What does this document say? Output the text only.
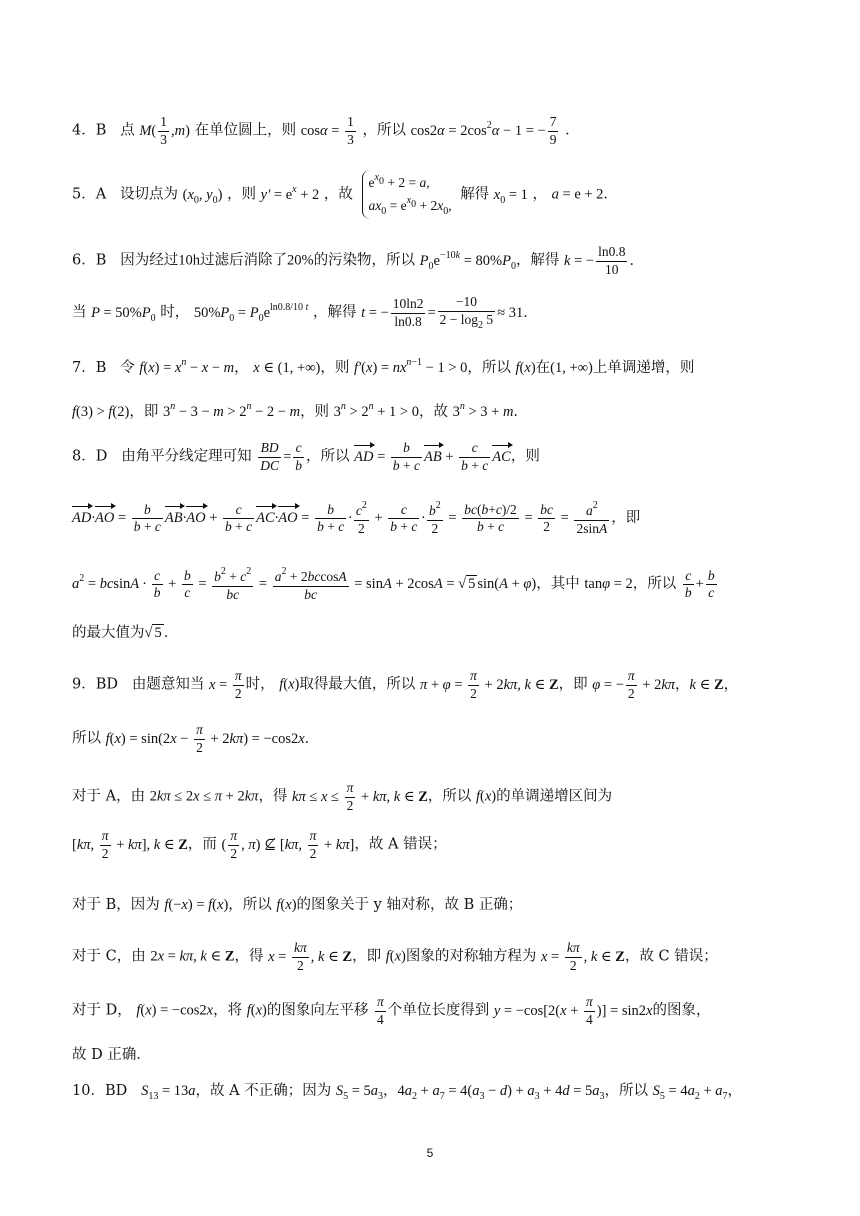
4．B 点 $M( \frac{1}{3} ,m)$ 在单位圆上，则 $\cos\alpha = \frac{1}{3}$ ，所以 $\cos 2\alpha = 2\cos^2\alpha - 1$ = − $\frac{7}{9}$ ．
5．A 设切点为 ($x_0$, $y_0$) ，则 $y' = e^x + 2$ ，故
$e^{x0} + 2 = a$,
$ax_0 = e^{x0} + 2x_0$,
解得 $x_0 = 1$ ， a = e + 2．
6．B 因为经过10h过滤后消除了20%的污染物，所以 $P_0e^{-10k} = 80\%P_0$，解得 k = − $\frac{\ln 0.8}{10}$ ．
当 $P = 50\%P_0$ 时， $50\%P_0 = P_0e^{ln0.8/10 t}$ ，解得 t = − $\frac{10\ln 2}{\ln 0.8} = \frac{-10}{2 - \log_2 5} \approx 31$．
7．B 令 $f(x) = x^n - x - m$， x ∈ (1, +∞)，则 $f'(x) = nx^{n-1} - 1 > 0$，所以 f(x)在(1, +∞)上单调递增，则
f(3) > f(2)，即 $3^n - 3 - m > 2^n - 2 - m$，则 $3^n > 2^n + 1 > 0$，故 $3^n > 3 + m$．
8．D 由角平分线定理可知 $\frac{BD}{DC} = \frac{c}{b}$ ，所以 AD = $\frac{b}{b + c}$ AB + $\frac{c}{b + c}$ AC，则
$AD\cdot AO = \frac{b}{b + c} AB\cdot AO + \frac{c}{b + c} AC\cdot AO = \frac{b}{b + c} \cdot \frac{c^2}{2} + \frac{c}{b + c} \cdot \frac{b^2}{2} = \frac{bc(b+c)/2}{b + c} = \frac{bc}{2} = \frac{a^2}{2\sin A}$ ，即
$a^2 = bcsinA \cdot \frac{c}{b} + \frac{b}{c} = \frac{b^2 + c^2}{bc} = \frac{a^2 + 2bccosA}{bc} = \sin A + 2\cos A$ = √ 5 sin(A + φ)，其中 tanφ = 2，所以 $\frac{c}{b} + \frac{b}{c}$
的最大值为√ 5 ．
9．BD 由题意知当 $x = \frac{\pi}{2}$ 时， f(x)取得最大值，所以 $\pi + \varphi = \frac{\pi}{2} + 2k\pi$, k ∈ Z，即 φ = − $\frac{\pi}{2} + 2k\pi$，k ∈ Z，
所以 $f(x) = \sin(2x - \frac{\pi}{2} + 2k\pi) = -\cos 2x$．
对于 A，由 2kπ ≤ 2x ≤ π + 2kπ，得 $k\pi \le x \le \frac{\pi}{2} + k\pi$, k ∈ Z，所以 f(x)的单调递增区间为
[kπ, $\frac{\pi}{2} + k\pi$], k ∈ Z，而 ( $\frac{\pi}{2}$ , π) ⊈ [kπ, $\frac{\pi}{2} + k\pi$]，故 A 错误；
对于 B，因为 f(−x) = f(x)，所以 f(x)的图象关于 y 轴对称，故 B 正确；
对于 C，由 2x = kπ, k ∈ Z，得 $x = \frac{k\pi}{2}$ , k ∈ Z，即 f(x)图象的对称轴方程为 $x = \frac{k\pi}{2}$ , k ∈ Z，故 C 错误；
对于 D， f(x) = −cos2x，将 f(x)的图象向左平移 $\frac{\pi}{4}$ 个单位长度得到 $y = -\cos[2(x + \frac{\pi}{4}$ )] = sin2x的图象，
故 D 正确．
10．BD $S_{13} = 13a$，故 A 不正确；因为 $S_5 = 5a_3$，$4a_2 + a_7 = 4(a_3 - d) + a_3 + 4d = 5a_3$，所以 $S_5 = 4a_2 + a_7$，
5
